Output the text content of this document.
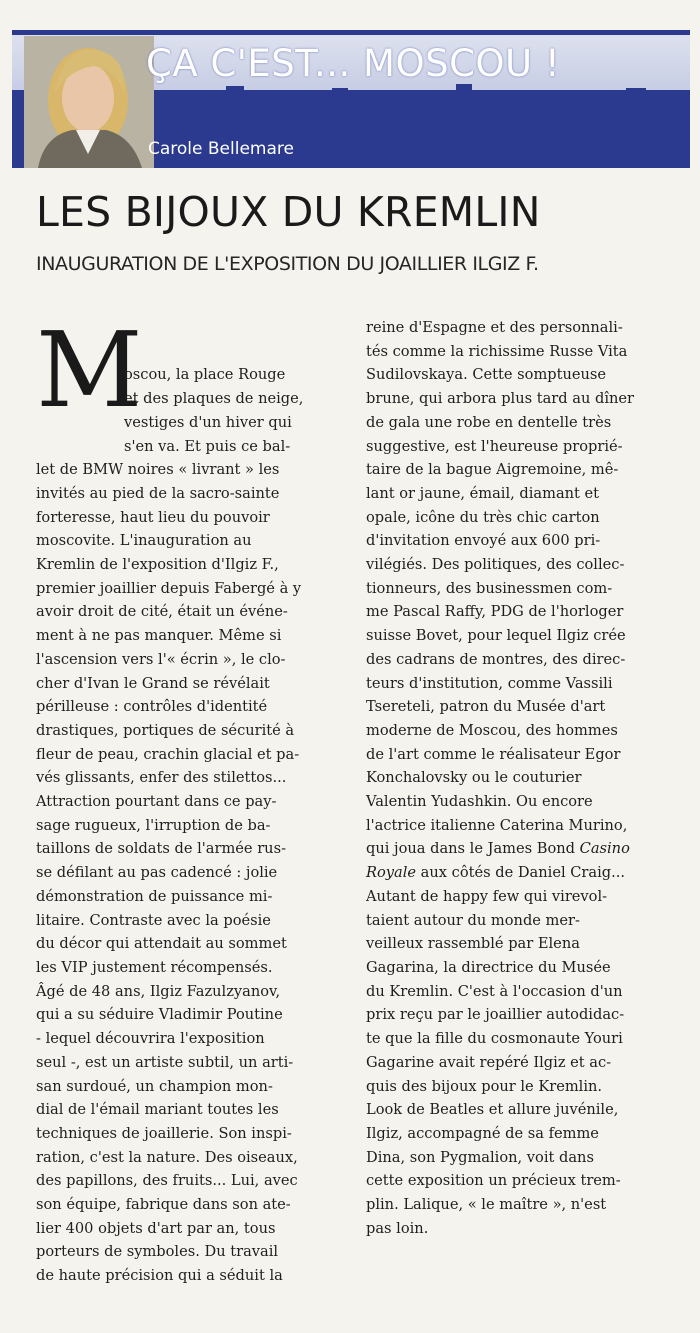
ÇA C'EST... MOSCOU !
Carole Bellemare
LES BIJOUX DU KREMLIN
INAUGURATION DE L'EXPOSITION DU JOAILLIER ILGIZ F.
M

oscou, la place Rouge
et des plaques de neige,
vestiges d'un hiver qui
s'en va. Et puis ce bal-
let de BMW noires « livrant » les
invités au pied de la sacro-sainte
forteresse, haut lieu du pouvoir
moscovite. L'inauguration au
Kremlin de l'exposition d'Ilgiz F.,
premier joaillier depuis Fabergé à y
avoir droit de cité, était un événe-
ment à ne pas manquer. Même si
l'ascension vers l'« écrin », le clo-
cher d'Ivan le Grand se révélait
périlleuse : contrôles d'identité
drastiques, portiques de sécurité à
fleur de peau, crachin glacial et pa-
vés glissants, enfer des stilettos...
Attraction pourtant dans ce pay-
sage rugueux, l'irruption de ba-
taillons de soldats de l'armée rus-
se défilant au pas cadencé : jolie
démonstration de puissance mi-
litaire. Contraste avec la poésie
du décor qui attendait au sommet
les VIP justement récompensés.
Âgé de 48 ans, Ilgiz Fazulzyanov,
qui a su séduire Vladimir Poutine
- lequel découvrira l'exposition
seul -, est un artiste subtil, un arti-
san surdoué, un champion mon-
dial de l'émail mariant toutes les
techniques de joaillerie. Son inspi-
ration, c'est la nature. Des oiseaux,
des papillons, des fruits... Lui, avec
son équipe, fabrique dans son ate-
lier 400 objets d'art par an, tous
porteurs de symboles. Du travail
de haute précision qui a séduit la
reine d'Espagne et des personnali-
tés comme la richissime Russe Vita
Sudilovskaya. Cette somptueuse
brune, qui arbora plus tard au dîner
de gala une robe en dentelle très
suggestive, est l'heureuse proprié-
taire de la bague Aigremoine, mê-
lant or jaune, émail, diamant et
opale, icône du très chic carton
d'invitation envoyé aux 600 pri-
vilégiés. Des politiques, des collec-
tionneurs, des businessmen com-
me Pascal Raffy, PDG de l'horloger
suisse Bovet, pour lequel Ilgiz crée
des cadrans de montres, des direc-
teurs d'institution, comme Vassili
Tsereteli, patron du Musée d'art
moderne de Moscou, des hommes
de l'art comme le réalisateur Egor
Konchalovsky ou le couturier
Valentin Yudashkin. Ou encore
l'actrice italienne Caterina Murino,
qui joua dans le James Bond Casino
Royale aux côtés de Daniel Craig...
Autant de happy few qui virevol-
taient autour du monde mer-
veilleux rassemblé par Elena
Gagarina, la directrice du Musée
du Kremlin. C'est à l'occasion d'un
prix reçu par le joaillier autodidac-
te que la fille du cosmonaute Youri
Gagarine avait repéré Ilgiz et ac-
quis des bijoux pour le Kremlin.
Look de Beatles et allure juvénile,
Ilgiz, accompagné de sa femme
Dina, son Pygmalion, voit dans
cette exposition un précieux trem-
plin. Lalique, « le maître », n'est
pas loin.
